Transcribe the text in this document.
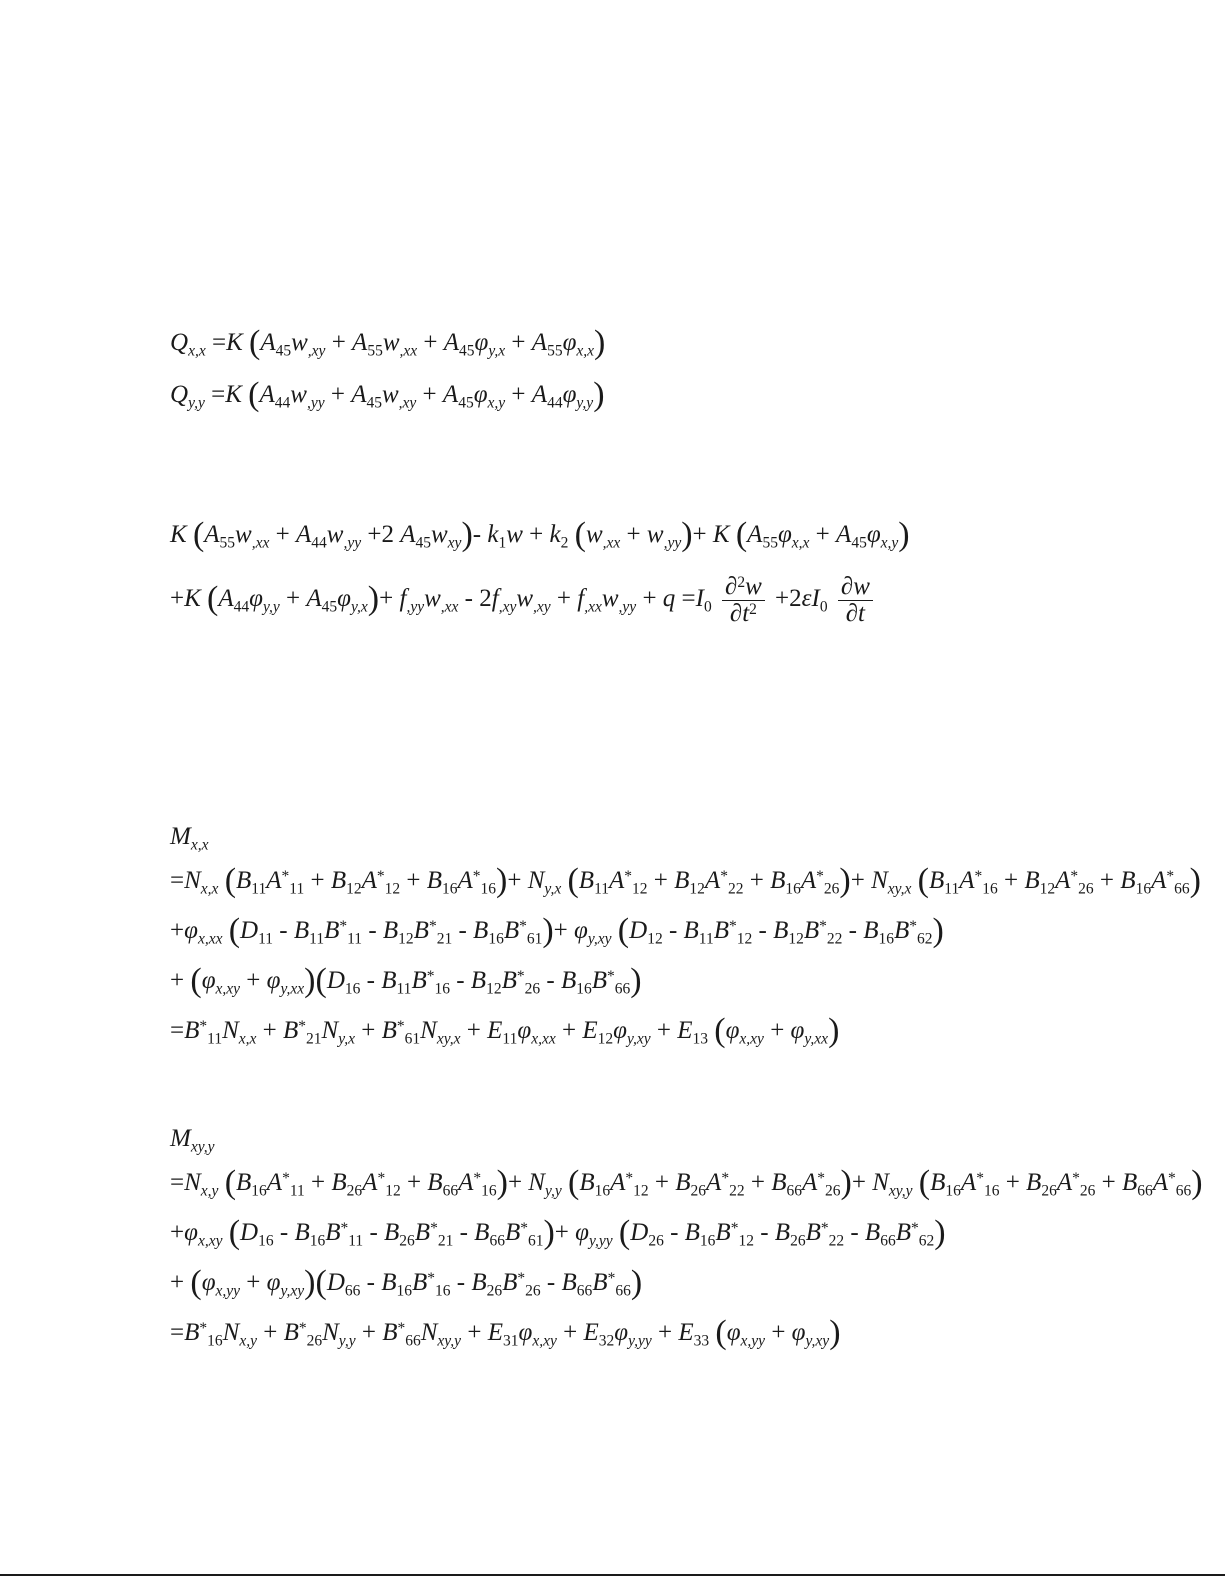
$Q_{x,x} =K$ $(A_{45}w_{,xy} + A_{55}w_{,xx} + A_{45}\varphi_{y,x} + A_{55}\varphi_{x,x})$
$Q_{y,y} =K$ $(A_{44}w_{,yy} + A_{45}w_{,xy} + A_{45}\varphi_{x,y} + A_{44}\varphi_{y,y})$
K ($A_{55}w_{,xx} + A_{44}w_{,yy} +2$ $A_{45}w_{xy})-$ $k_1w + k_2$ $(w_{,xx} + w_{,yy})+ K$ $(A_{55}\varphi_{x,x} + A_{45}\varphi_{x,y})$
+K $(A_{44}\varphi_{y,y} + A_{45}\varphi_{y,x})+ f_{,yy}w_{,xx} - 2f_{,xy}w_{,xy} + f_{,xx}w_{,yy} + q =I_0 \frac{\partial^2w}{\partial t^2} +2\varepsilon I_0 \frac{\partial w}{\partial t}$
$M_{x,x}$
$=N_{x,x}$ $(B_{11}A^*_{11} + B_{12}A^*_{12} + B_{16}A^*_{16})+ N_{y,x}$ $(B_{11}A^*_{12} + B_{12}A^*_{22} + B_{16}A^*_{26})+ N_{xy,x}$ $(B_{11}A^*_{16} + B_{12}A^*_{26} + B_{16}A^*_{66})$
$+\varphi_{x,xx}$ $(D_{11} - B_{11}B^*_{11} - B_{12}B^*_{21} - B_{16}B^*_{61})+ \varphi_{y,xy}$ $(D_{12} - B_{11}B^*_{12} - B_{12}B^*_{22} - B_{16}B^*_{62})$
+ $(\varphi_{x,xy} + \varphi_{y,xx})(D_{16} - B_{11}B^*_{16} - B_{12}B^*_{26} - B_{16}B^*_{66})$
$=B^*_{11}N_{x,x} + B^*_{21}N_{y,x} + B^*_{61}N_{xy,x} + E_{11}\varphi_{x,xx} + E_{12}\varphi_{y,xy} + E_{13}$ $(\varphi_{x,xy} + \varphi_{y,xx})$
$M_{xy,y}$
$=N_{x,y}$ $(B_{16}A^*_{11} + B_{26}A^*_{12} + B_{66}A^*_{16})+ N_{y,y}$ $(B_{16}A^*_{12} + B_{26}A^*_{22} + B_{66}A^*_{26})+ N_{xy,y}$ $(B_{16}A^*_{16} + B_{26}A^*_{26} + B_{66}A^*_{66})$
$+\varphi_{x,xy}$ $(D_{16} - B_{16}B^*_{11} - B_{26}B^*_{21} - B_{66}B^*_{61})+ \varphi_{y,yy}$ $(D_{26} - B_{16}B^*_{12} - B_{26}B^*_{22} - B_{66}B^*_{62})$
+ $(\varphi_{x,yy} + \varphi_{y,xy})(D_{66} - B_{16}B^*_{16} - B_{26}B^*_{26} - B_{66}B^*_{66})$
$=B^*_{16}N_{x,y} + B^*_{26}N_{y,y} + B^*_{66}N_{xy,y} + E_{31}\varphi_{x,xy} + E_{32}\varphi_{y,yy} + E_{33}$ $(\varphi_{x,yy} + \varphi_{y,xy})$
